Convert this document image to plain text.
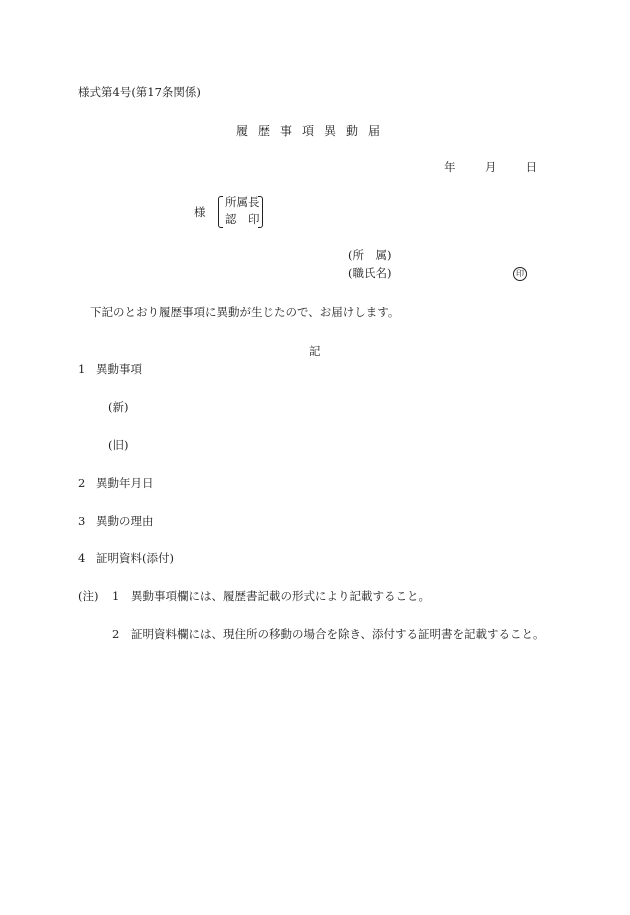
様式第4号(第17条関係)
履歴事項異動届
年	月	日
様
所属長
認　印
(所　属)
(職氏名)	印
下記のとおり履歴事項に異動が生じたので、お届けします。
記
1 異動事項
(新)
(旧)
2 異動年月日
3 異動の理由
4 証明資料(添付)
(注) 1 異動事項欄には、履歴書記載の形式により記載すること。
2 証明資料欄には、現住所の移動の場合を除き、添付する証明書を記載すること。
